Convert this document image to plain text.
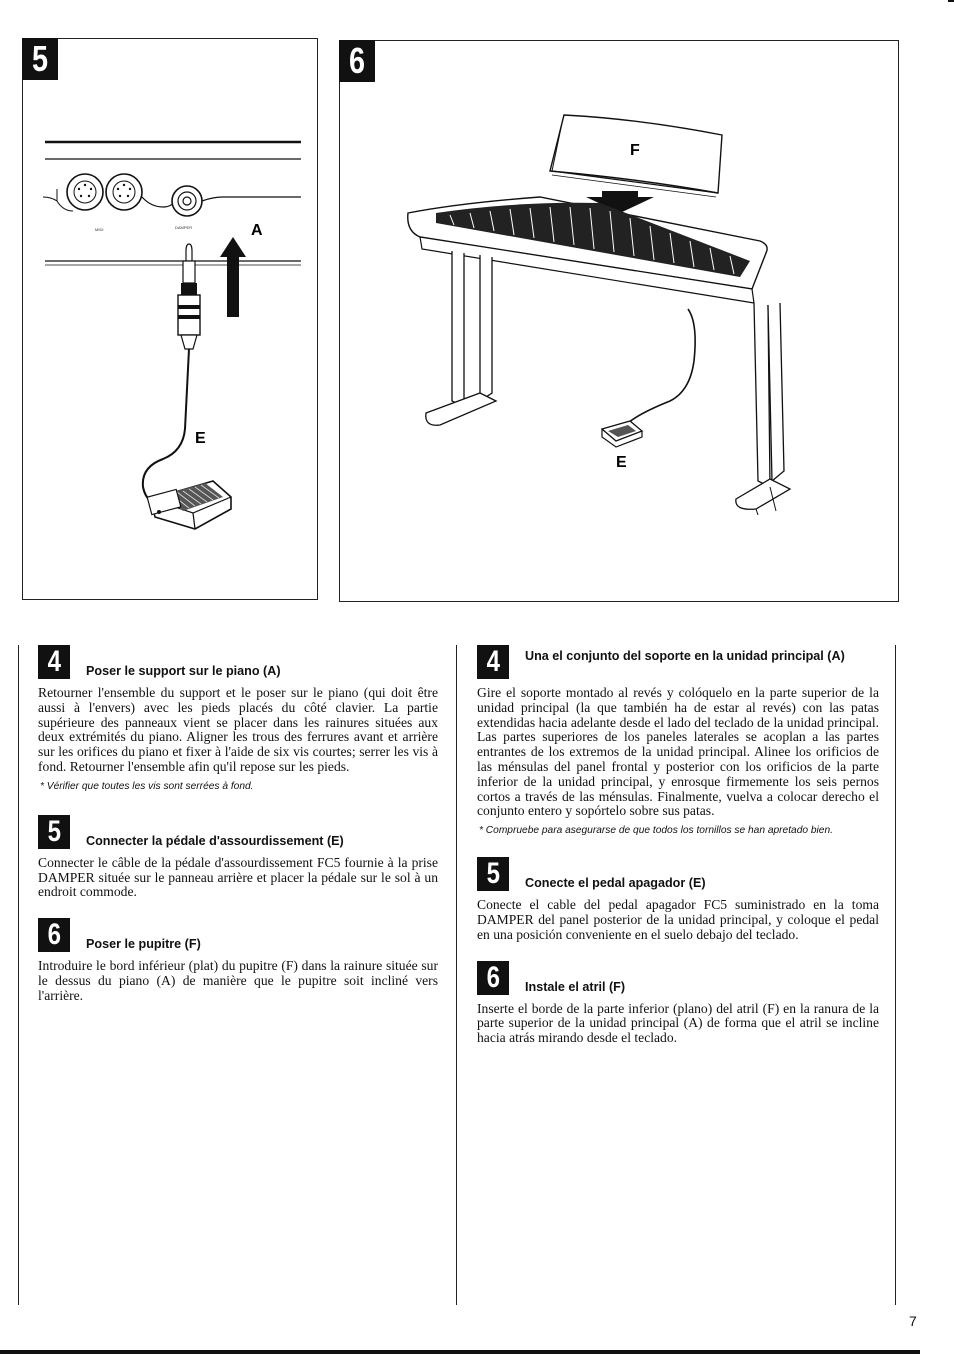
5
MIDI	DAMPER	A
E
6
F
E
4 Poser le support sur le piano (A)
Retourner l'ensemble du support et le poser sur le piano (qui doit être aussi à l'envers) avec les pieds placés du côté clavier. La partie supérieure des panneaux vient se placer dans les rainures situées aux deux extrémités du piano. Aligner les trous des ferrures avant et arrière sur les orifices du piano et fixer à l'aide de six vis courtes; serrer les vis à fond. Retourner l'ensemble afin qu'il repose sur les pieds.
* Vérifier que toutes les vis sont serrées à fond.
5 Connecter la pédale d'assourdissement (E)
Connecter le câble de la pédale d'assourdissement FC5 fournie à la prise DAMPER située sur le panneau arrière et placer la pédale sur le sol à un endroit commode.
6 Poser le pupitre (F)
Introduire le bord inférieur (plat) du pupitre (F) dans la rainure située sur le dessus du piano (A) de manière que le pupitre soit incliné vers l'arrière.
4 Una el conjunto del soporte en la unidad principal (A)
Gire el soporte montado al revés y colóquelo en la parte superior de la unidad principal (la que también ha de estar al revés) con las patas extendidas hacia adelante desde el lado del teclado de la unidad principal. Las partes superiores de los paneles laterales se acoplan a las partes entrantes de los extremos de la unidad principal. Alinee los orificios de las ménsulas del panel frontal y posterior con los orificios de la parte inferior de la unidad principal, y enrosque firmemente los seis pernos cortos a través de las ménsulas. Finalmente, vuelva a colocar derecho el conjunto entero y sopórtelo sobre sus patas.
* Compruebe para asegurarse de que todos los tornillos se han apretado bien.
5 Conecte el pedal apagador (E)
Conecte el cable del pedal apagador FC5 suministrado en la toma DAMPER del panel posterior de la unidad principal, y coloque el pedal en una posición conveniente en el suelo debajo del teclado.
6 Instale el atril (F)
Inserte el borde de la parte inferior (plano) del atril (F) en la ranura de la parte superior de la unidad principal (A) de forma que el atril se incline hacia atrás mirando desde el teclado.
7
